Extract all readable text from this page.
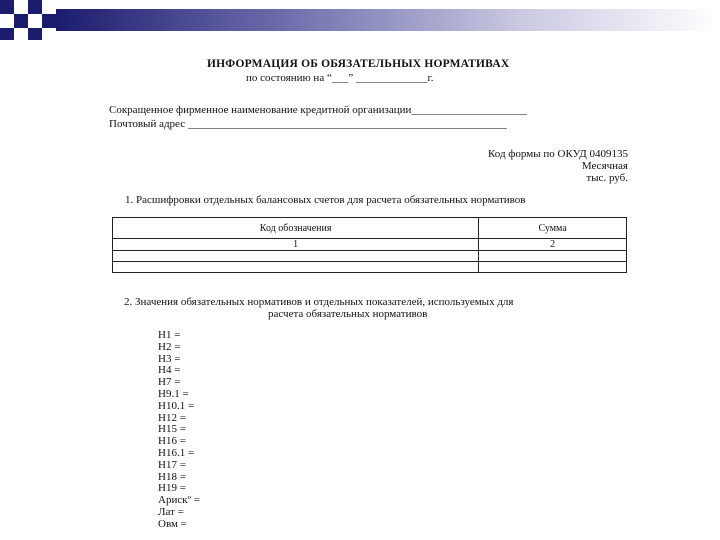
ИНФОРМАЦИЯ ОБ ОБЯЗАТЕЛЬНЫХ НОРМАТИВАХ
по состоянию на “___” _____________г.
Сокращенное фирменное наименование кредитной организации_____________________
Почтовый адрес __________________________________________________________
Код формы по ОКУД 0409135
Месячная
тыс. руб.
1. Расшифровки отдельных балансовых счетов для расчета обязательных нормативов
Код обозначения	Сумма
1	2

2. Значения обязательных нормативов и отдельных показателей, используемых для
расчета обязательных нормативов
Н1 =
Н2 =
Н3 =
Н4 =
Н7 =
Н9.1 =
Н10.1 =
Н12 =
Н15 =
Н16 =
Н16.1 =
Н17 =
Н18 =
Н19 =
Арискº =
Лат =
Овм =
